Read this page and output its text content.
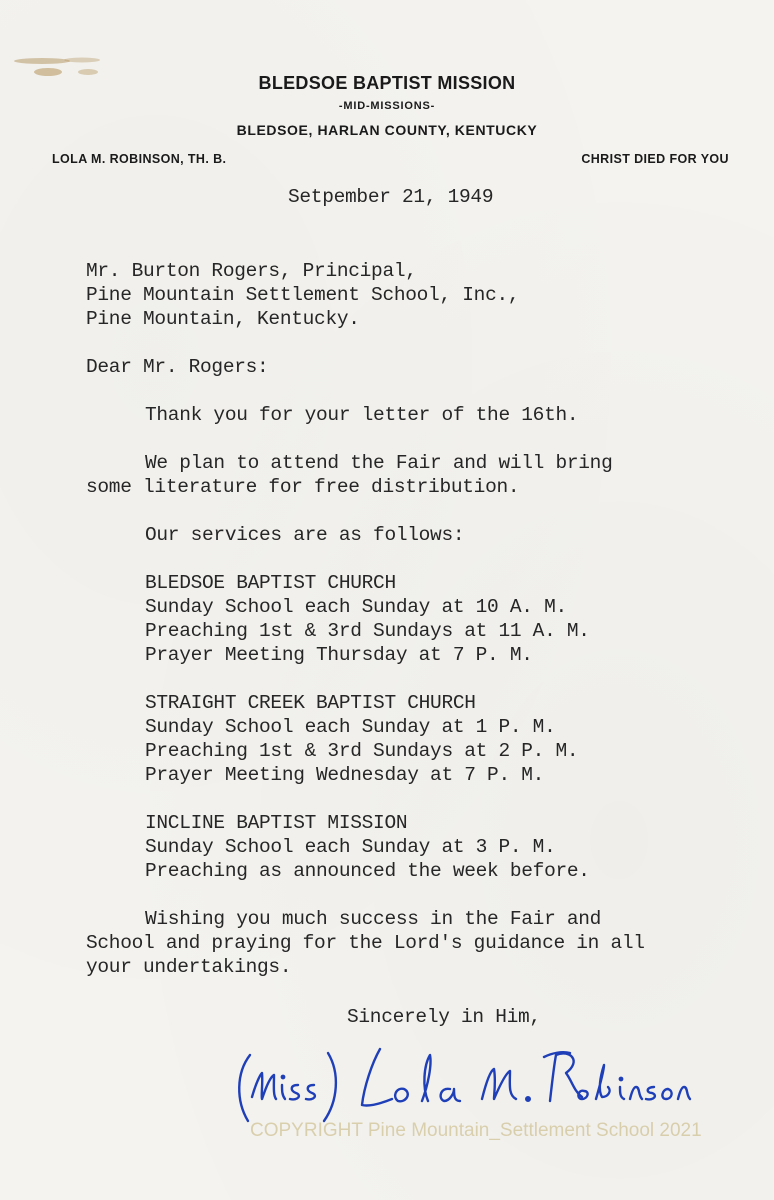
BLEDSOE BAPTIST MISSION
-MID-MISSIONS-
BLEDSOE, HARLAN COUNTY, KENTUCKY
LOLA M. ROBINSON, TH. B.	CHRIST DIED FOR YOU
Setpember 21, 1949
Mr. Burton Rogers, Principal,
Pine Mountain Settlement School, Inc.,
Pine Mountain, Kentucky.
Dear Mr. Rogers:
Thank you for your letter of the 16th.
We plan to attend the Fair and will bring
some literature for free distribution.
Our services are as follows:
BLEDSOE BAPTIST CHURCH
Sunday School each Sunday at 10 A. M.
Preaching 1st & 3rd Sundays at 11 A. M.
Prayer Meeting Thursday at 7 P. M.
STRAIGHT CREEK BAPTIST CHURCH
Sunday School each Sunday at 1 P. M.
Preaching 1st & 3rd Sundays at 2 P. M.
Prayer Meeting Wednesday at 7 P. M.
INCLINE BAPTIST MISSION
Sunday School each Sunday at 3 P. M.
Preaching as announced the week before.
Wishing you much success in the Fair and
School and praying for the Lord's guidance in all
your undertakings.
Sincerely in Him,
COPYRIGHT Pine Mountain_Settlement School 2021
